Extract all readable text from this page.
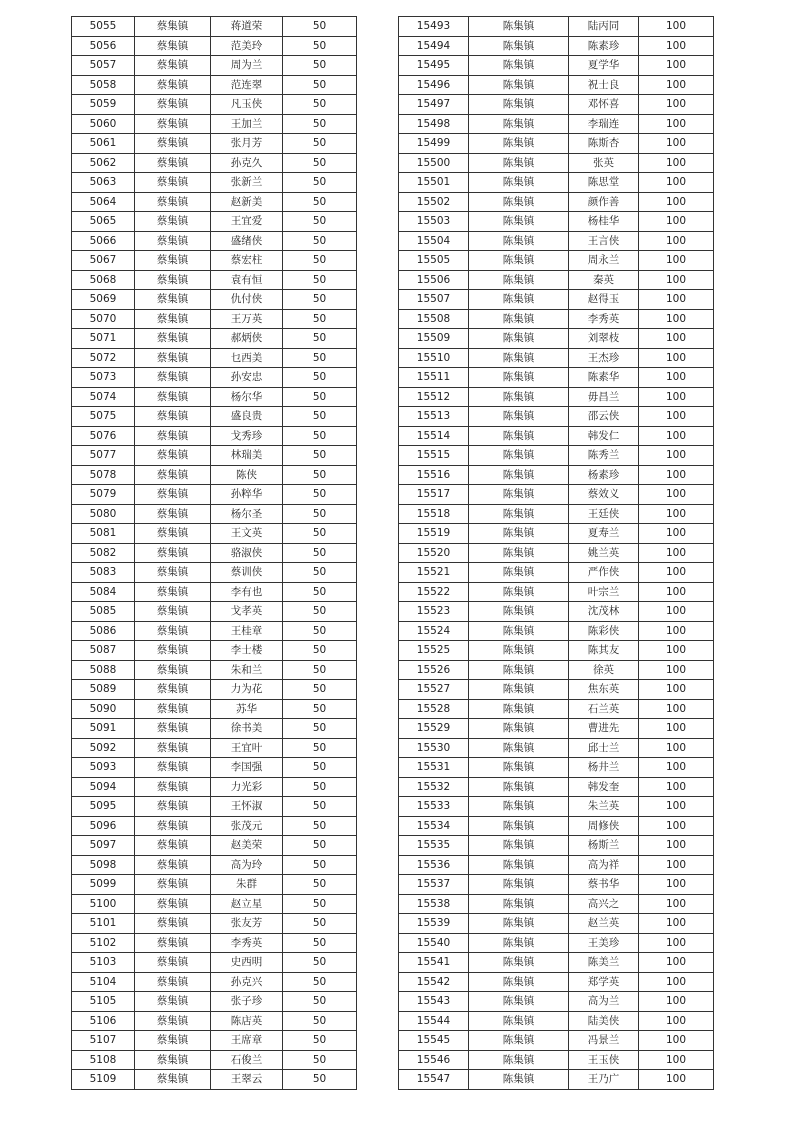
5055	蔡集镇	蒋道荣	50
5056	蔡集镇	范美玲	50
5057	蔡集镇	周为兰	50
5058	蔡集镇	范连翠	50
5059	蔡集镇	凡玉侠	50
5060	蔡集镇	王加兰	50
5061	蔡集镇	张月芳	50
5062	蔡集镇	孙克久	50
5063	蔡集镇	张新兰	50
5064	蔡集镇	赵新美	50
5065	蔡集镇	王宜爱	50
5066	蔡集镇	盛绪侠	50
5067	蔡集镇	蔡宏柱	50
5068	蔡集镇	袁有恒	50
5069	蔡集镇	仇付侠	50
5070	蔡集镇	王万英	50
5071	蔡集镇	郝炳侠	50
5072	蔡集镇	乜西美	50
5073	蔡集镇	孙安忠	50
5074	蔡集镇	杨尔华	50
5075	蔡集镇	盛良贵	50
5076	蔡集镇	戈秀珍	50
5077	蔡集镇	林瑞美	50
5078	蔡集镇	陈侠	50
5079	蔡集镇	孙粹华	50
5080	蔡集镇	杨尔圣	50
5081	蔡集镇	王文英	50
5082	蔡集镇	骆淑侠	50
5083	蔡集镇	蔡训侠	50
5084	蔡集镇	李有也	50
5085	蔡集镇	戈孝英	50
5086	蔡集镇	王桂章	50
5087	蔡集镇	李士楼	50
5088	蔡集镇	朱和兰	50
5089	蔡集镇	力为花	50
5090	蔡集镇	苏华	50
5091	蔡集镇	徐书美	50
5092	蔡集镇	王宜叶	50
5093	蔡集镇	李国强	50
5094	蔡集镇	力光彩	50
5095	蔡集镇	王怀淑	50
5096	蔡集镇	张茂元	50
5097	蔡集镇	赵美荣	50
5098	蔡集镇	高为玲	50
5099	蔡集镇	朱群	50
5100	蔡集镇	赵立星	50
5101	蔡集镇	张友芳	50
5102	蔡集镇	李秀英	50
5103	蔡集镇	史西明	50
5104	蔡集镇	孙克兴	50
5105	蔡集镇	张子珍	50
5106	蔡集镇	陈店英	50
5107	蔡集镇	王席章	50
5108	蔡集镇	石俊兰	50
5109	蔡集镇	王翠云	50
15493	陈集镇	陆丙同	100
15494	陈集镇	陈素珍	100
15495	陈集镇	夏学华	100
15496	陈集镇	祝士良	100
15497	陈集镇	邓怀喜	100
15498	陈集镇	李瑞连	100
15499	陈集镇	陈斯杏	100
15500	陈集镇	张英	100
15501	陈集镇	陈思堂	100
15502	陈集镇	颜作善	100
15503	陈集镇	杨桂华	100
15504	陈集镇	王言侠	100
15505	陈集镇	周永兰	100
15506	陈集镇	秦英	100
15507	陈集镇	赵得玉	100
15508	陈集镇	李秀英	100
15509	陈集镇	刘翠枝	100
15510	陈集镇	王杰珍	100
15511	陈集镇	陈素华	100
15512	陈集镇	毋昌兰	100
15513	陈集镇	邵云侠	100
15514	陈集镇	韩发仁	100
15515	陈集镇	陈秀兰	100
15516	陈集镇	杨素珍	100
15517	陈集镇	蔡效义	100
15518	陈集镇	王廷侠	100
15519	陈集镇	夏寿兰	100
15520	陈集镇	姚兰英	100
15521	陈集镇	严作侠	100
15522	陈集镇	叶宗兰	100
15523	陈集镇	沈茂林	100
15524	陈集镇	陈彩侠	100
15525	陈集镇	陈其友	100
15526	陈集镇	徐英	100
15527	陈集镇	焦东英	100
15528	陈集镇	石兰英	100
15529	陈集镇	曹进先	100
15530	陈集镇	邱士兰	100
15531	陈集镇	杨井兰	100
15532	陈集镇	韩发奎	100
15533	陈集镇	朱兰英	100
15534	陈集镇	周修侠	100
15535	陈集镇	杨斯兰	100
15536	陈集镇	高为祥	100
15537	陈集镇	蔡书华	100
15538	陈集镇	高兴之	100
15539	陈集镇	赵兰英	100
15540	陈集镇	王美珍	100
15541	陈集镇	陈美兰	100
15542	陈集镇	郑学英	100
15543	陈集镇	高为兰	100
15544	陈集镇	陆美侠	100
15545	陈集镇	冯景兰	100
15546	陈集镇	王玉侠	100
15547	陈集镇	王乃广	100
